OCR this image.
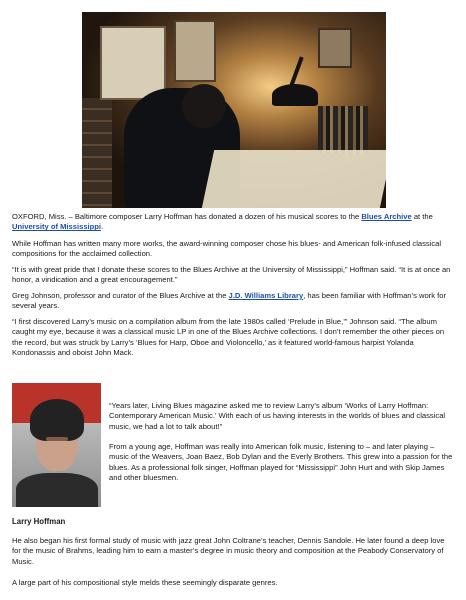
OXFORD, Miss. – Baltimore composer Larry Hoffman has donated a dozen of his musical scores to the Blues Archive at the University of Mississippi.

While Hoffman has written many more works, the award-winning composer chose his blues- and American folk-infused classical compositions for the acclaimed collection.

“It is with great pride that I donate these scores to the Blues Archive at the University of Mississippi,” Hoffman said. “It is at once an honor, a vindication and a great encouragement.”

Greg Johnson, professor and curator of the Blues Archive at the J.D. Williams Library, has been familiar with Hoffman’s work for several years.

“I first discovered Larry’s music on a compilation album from the late 1980s called ‘Prelude in Blue,’” Johnson said. “The album caught my eye, because it was a classical music LP in one of the Blues Archive collections. I don’t remember the other pieces on the record, but was struck by Larry’s ‘Blues for Harp, Oboe and Violoncello,’ as it featured world-famous harpist Yolanda Kondonassis and oboist John Mack.

“Years later, Living Blues magazine asked me to review Larry’s album ‘Works of Larry Hoffman: Contemporary American Music.’ With each of us having interests in the worlds of blues and classical music, we had a lot to talk about!”

From a young age, Hoffman was really into American folk music, listening to – and later playing –music of the Weavers, Joan Baez, Bob Dylan and the Everly Brothers. This grew into a passion for the blues. As a professional folk singer, Hoffman played for “Mississippi” John Hurt and with Skip James and other bluesmen.

Larry Hoffman

He also began his first formal study of music with jazz great John Coltrane’s teacher, Dennis Sandole. He later found a deep love for the music of Brahms, leading him to earn a master’s degree in music theory and composition at the Peabody Conservatory of Music.

A large part of his compositional style melds these seemingly disparate genres.
